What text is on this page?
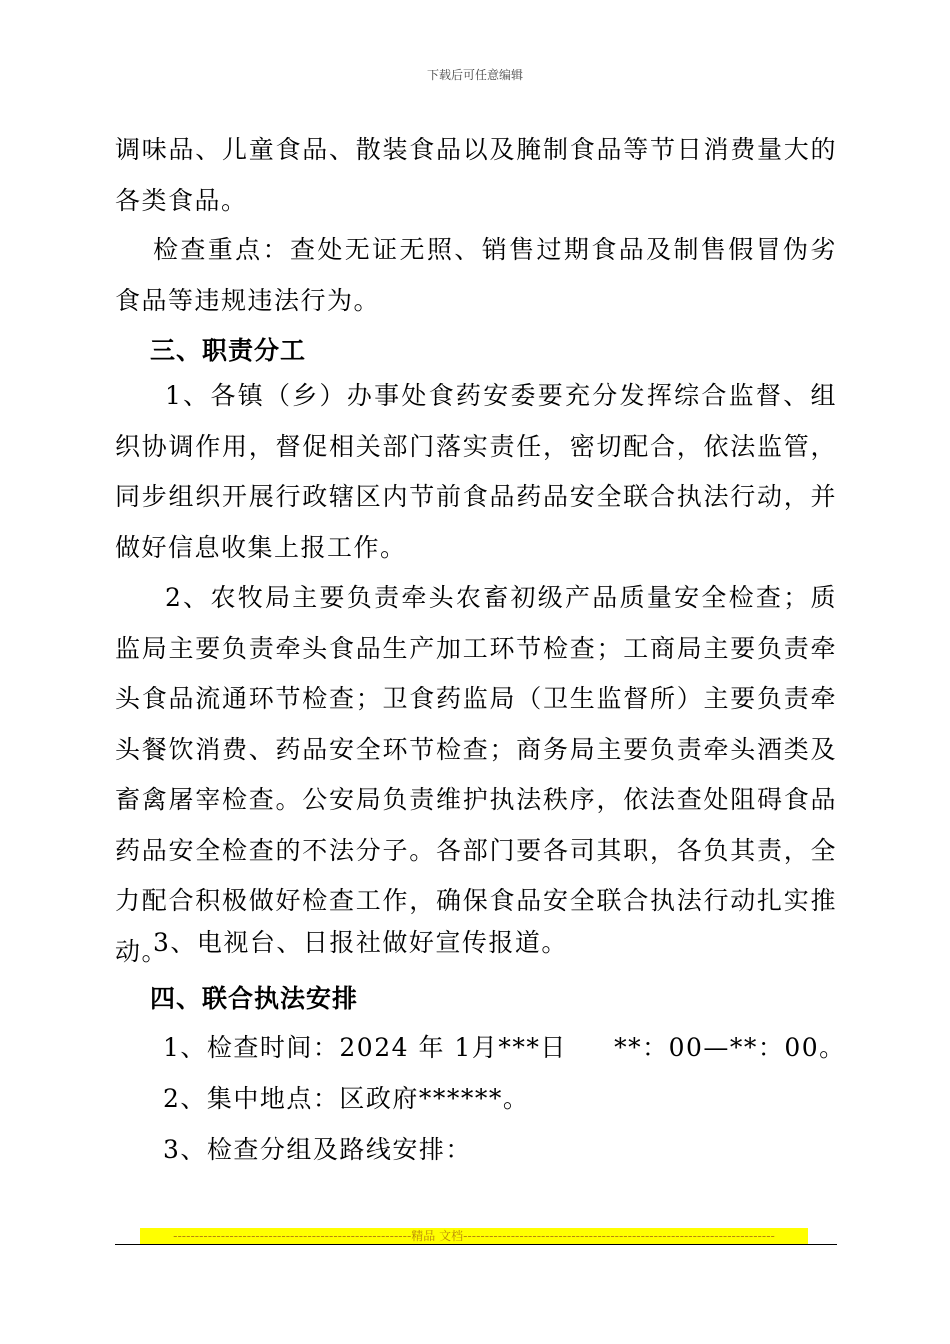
下载后可任意编辑

调味品、儿童食品、散装食品以及腌制食品等节日消费量大的各类食品。

检查重点：查处无证无照、销售过期食品及制售假冒伪劣食品等违规违法行为。

三、职责分工

1、各镇（乡）办事处食药安委要充分发挥综合监督、组织协调作用，督促相关部门落实责任，密切配合，依法监管，同步组织开展行政辖区内节前食品药品安全联合执法行动，并做好信息收集上报工作。

2、农牧局主要负责牵头农畜初级产品质量安全检查；质监局主要负责牵头食品生产加工环节检查；工商局主要负责牵头食品流通环节检查；卫食药监局（卫生监督所）主要负责牵头餐饮消费、药品安全环节检查；商务局主要负责牵头酒类及畜禽屠宰检查。公安局负责维护执法秩序，依法查处阻碍食品药品安全检查的不法分子。各部门要各司其职，各负其责，全力配合积极做好检查工作，确保食品安全联合执法行动扎实推动。

3、电视台、日报社做好宣传报道。

四、联合执法安排

1、检查时间：2024 年 1月***日     **：00—**：00。

2、集中地点：区政府******。

3、检查分组及路线安排：

-------------------------------------------------------精品 文档------------------------------------------------------------------------
